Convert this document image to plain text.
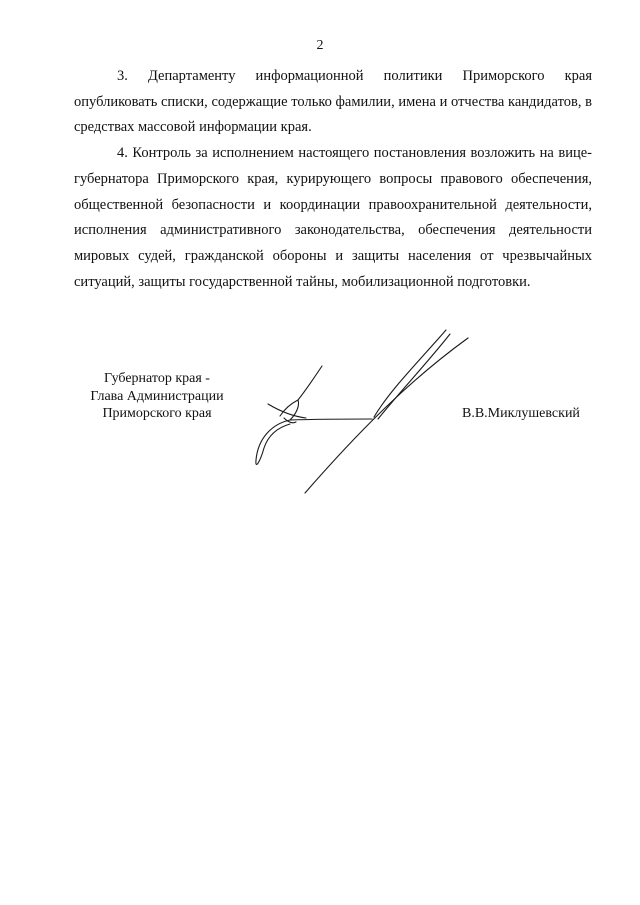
2

3. Департаменту информационной политики Приморского края опубликовать списки, содержащие только фамилии, имена и отчества кандидатов, в средствах массовой информации края.

4. Контроль за исполнением настоящего постановления возложить на вице-губернатора Приморского края, курирующего вопросы правового обеспечения, общественной безопасности и координации правоохранительной деятельности, исполнения административного законодательства, обеспечения деятельности мировых судей, гражданской обороны и защиты населения от чрезвычайных ситуаций, защиты государственной тайны, мобилизационной подготовки.

Губернатор края -
Глава Администрации
Приморского края	В.В.Миклушевский
